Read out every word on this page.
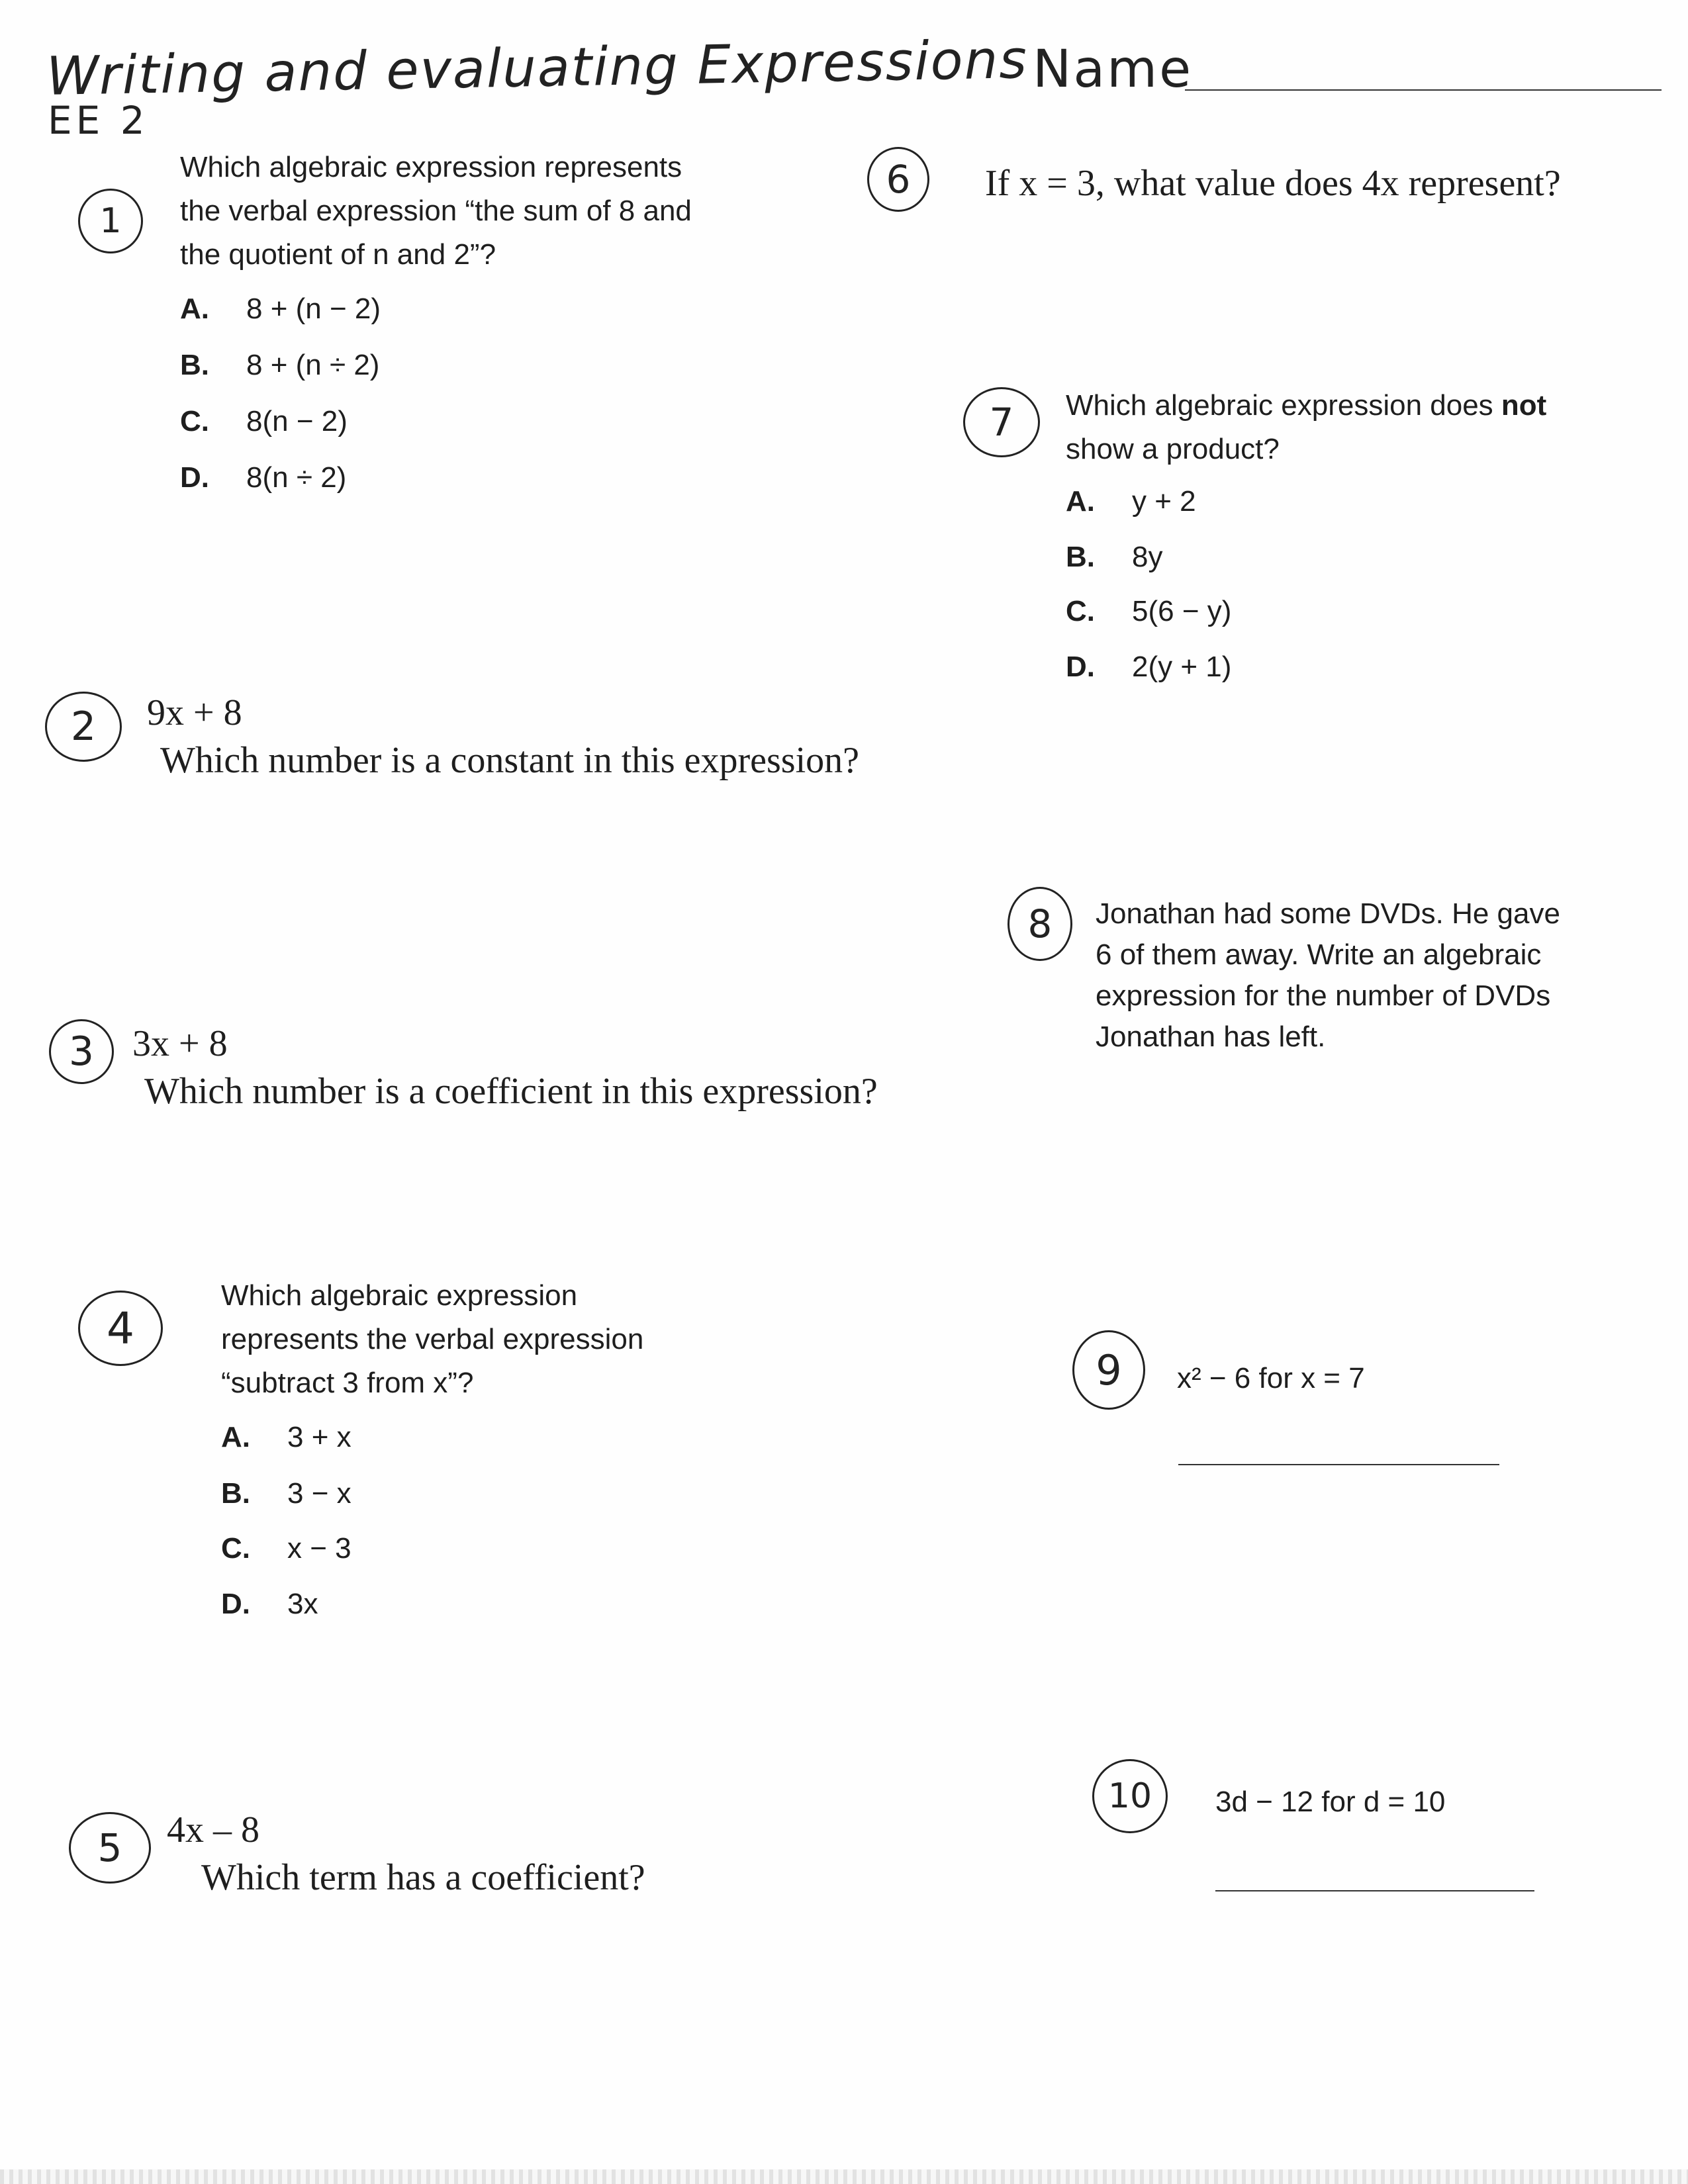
Writing and evaluating Expressions
EE 2
Name
1
Which algebraic expression represents
the verbal expression “the sum of 8 and
the quotient of n and 2”?
A. 8 + (n − 2)
B. 8 + (n ÷ 2)
C. 8(n − 2)
D. 8(n ÷ 2)
2 9x + 8
Which number is a constant in this expression?
3 3x + 8
Which number is a coefficient in this expression?
4
Which algebraic expression
represents the verbal expression
“subtract 3 from x”?
A. 3 + x
B. 3 − x
C. x − 3
D. 3x
5 4x – 8
Which term has a coefficient?
6 If x = 3, what value does 4x represent?
7 Which algebraic expression does not
show a product?
A. y + 2
B. 8y
C. 5(6 − y)
D. 2(y + 1)
8 Jonathan had some DVDs. He gave
6 of them away. Write an algebraic
expression for the number of DVDs
Jonathan has left.
9 x² − 6 for x = 7
10 3d − 12 for d = 10
